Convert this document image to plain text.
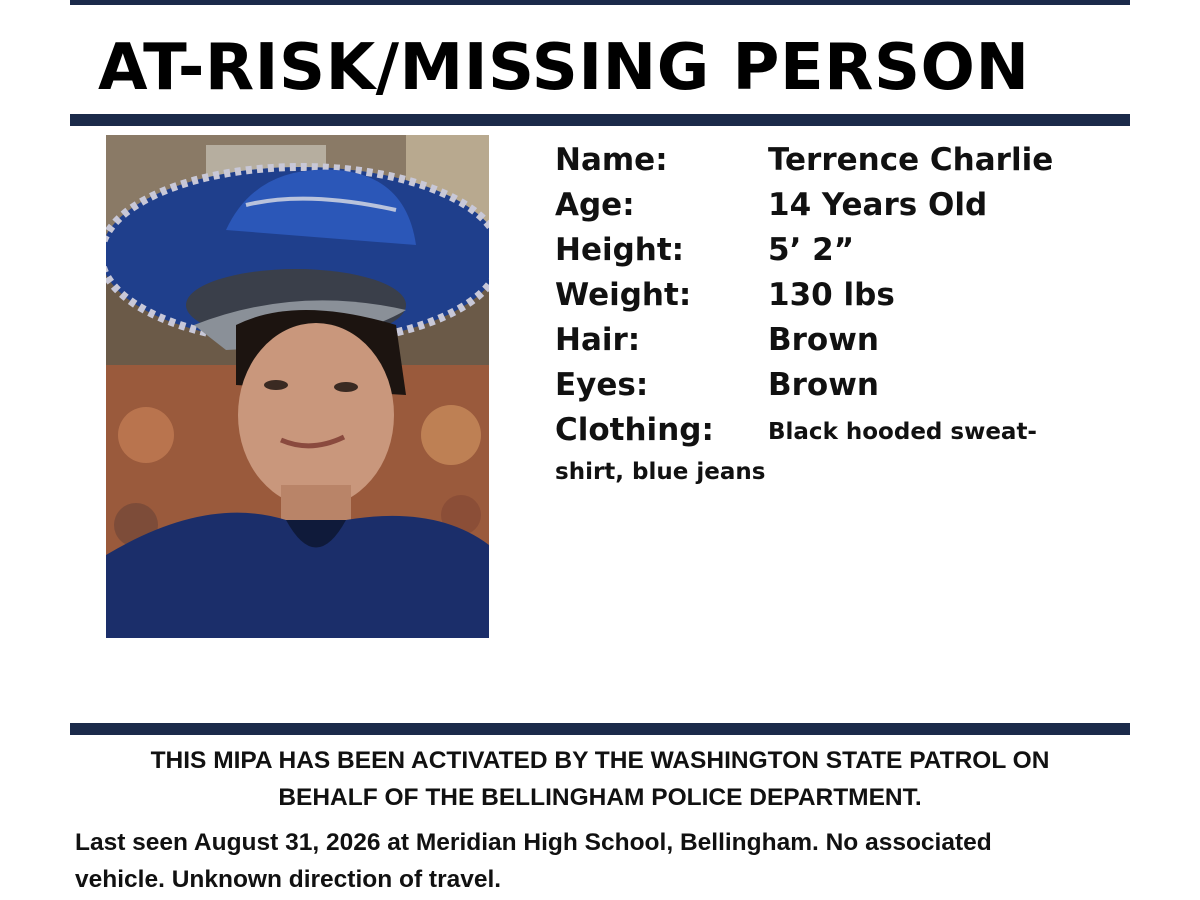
AT-RISK/MISSING PERSON
Name:	Terrence Charlie
Age:	14 Years Old
Height:	5’ 2”
Weight: 130 lbs
Hair:	Brown
Eyes:	Brown
Clothing: Black hooded sweat-
shirt, blue jeans

THIS MIPA HAS BEEN ACTIVATED BY THE WASHINGTON STATE PATROL ON
BEHALF OF THE BELLINGHAM POLICE DEPARTMENT.

Last seen August 31, 2026 at Meridian High School, Bellingham. No associated
vehicle. Unknown direction of travel.
